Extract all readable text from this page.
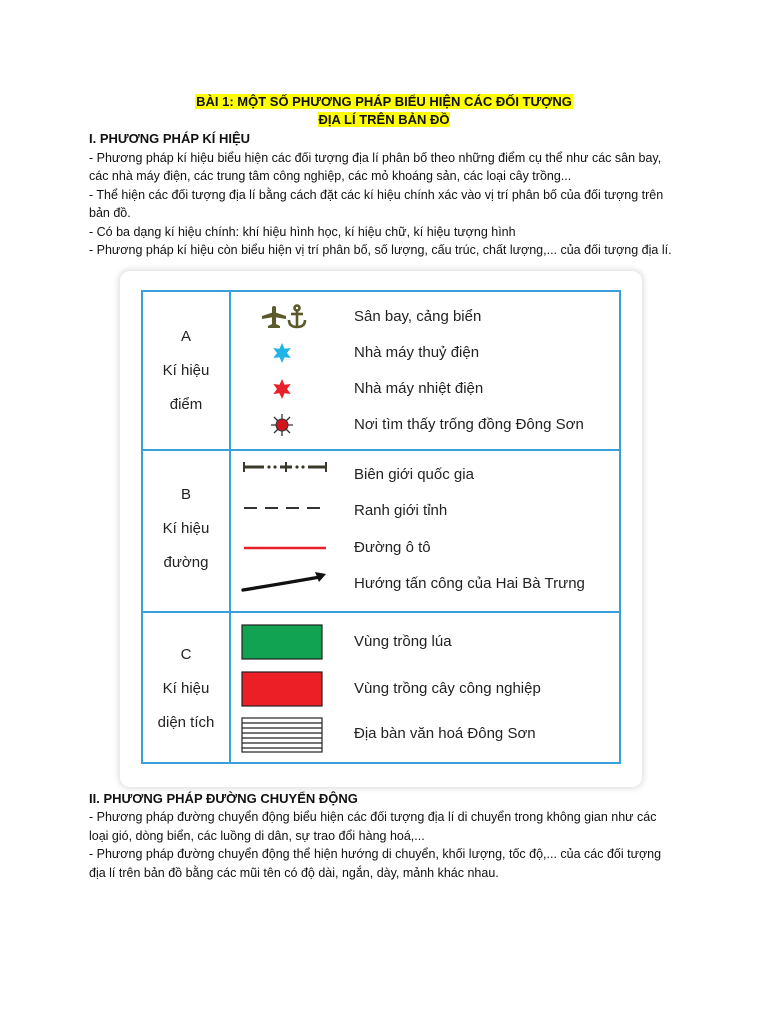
BÀI 1: MỘT SỐ PHƯƠNG PHÁP BIỂU HIỆN CÁC ĐỐI TƯỢNG
ĐỊA LÍ TRÊN BẢN ĐỒ
I. PHƯƠNG PHÁP KÍ HIỆU
- Phương pháp kí hiệu biểu hiện các đối tượng địa lí phân bố theo những điểm cụ thể như các sân bay,
các nhà máy điện, các trung tâm công nghiệp, các mỏ khoáng sản, các loại cây trồng...
- Thể hiện các đối tượng địa lí bằng cách đặt các kí hiệu chính xác vào vị trí phân bố của đối tượng trên
bản đồ.
- Có ba dạng kí hiệu chính: khí hiệu hình học, kí hiệu chữ, kí hiệu tượng hình
- Phương pháp kí hiệu còn biểu hiện vị trí phân bố, số lượng, cấu trúc, chất lượng,... của đối tượng địa lí.
A
Kí hiệu
điểm
B
Kí hiệu
đường
C
Kí hiệu
diện tích
Sân bay, cảng biển
Nhà máy thuỷ điện
Nhà máy nhiệt điện
Nơi tìm thấy trống đồng Đông Sơn
Biên giới quốc gia
Ranh giới tỉnh
Đường ô tô
Hướng tấn công của Hai Bà Trưng
Vùng trồng lúa
Vùng trồng cây công nghiệp
Địa bàn văn hoá Đông Sơn
II. PHƯƠNG PHÁP ĐƯỜNG CHUYỂN ĐỘNG
- Phương pháp đường chuyển động biểu hiện các đối tượng địa lí di chuyển trong không gian như các
loại gió, dòng biển, các luồng di dân, sự trao đổi hàng hoá,...
- Phương pháp đường chuyển động thể hiện hướng di chuyển, khối lượng, tốc độ,... của các đối tượng
địa lí trên bản đồ bằng các mũi tên có độ dài, ngắn, dày, mảnh khác nhau.
